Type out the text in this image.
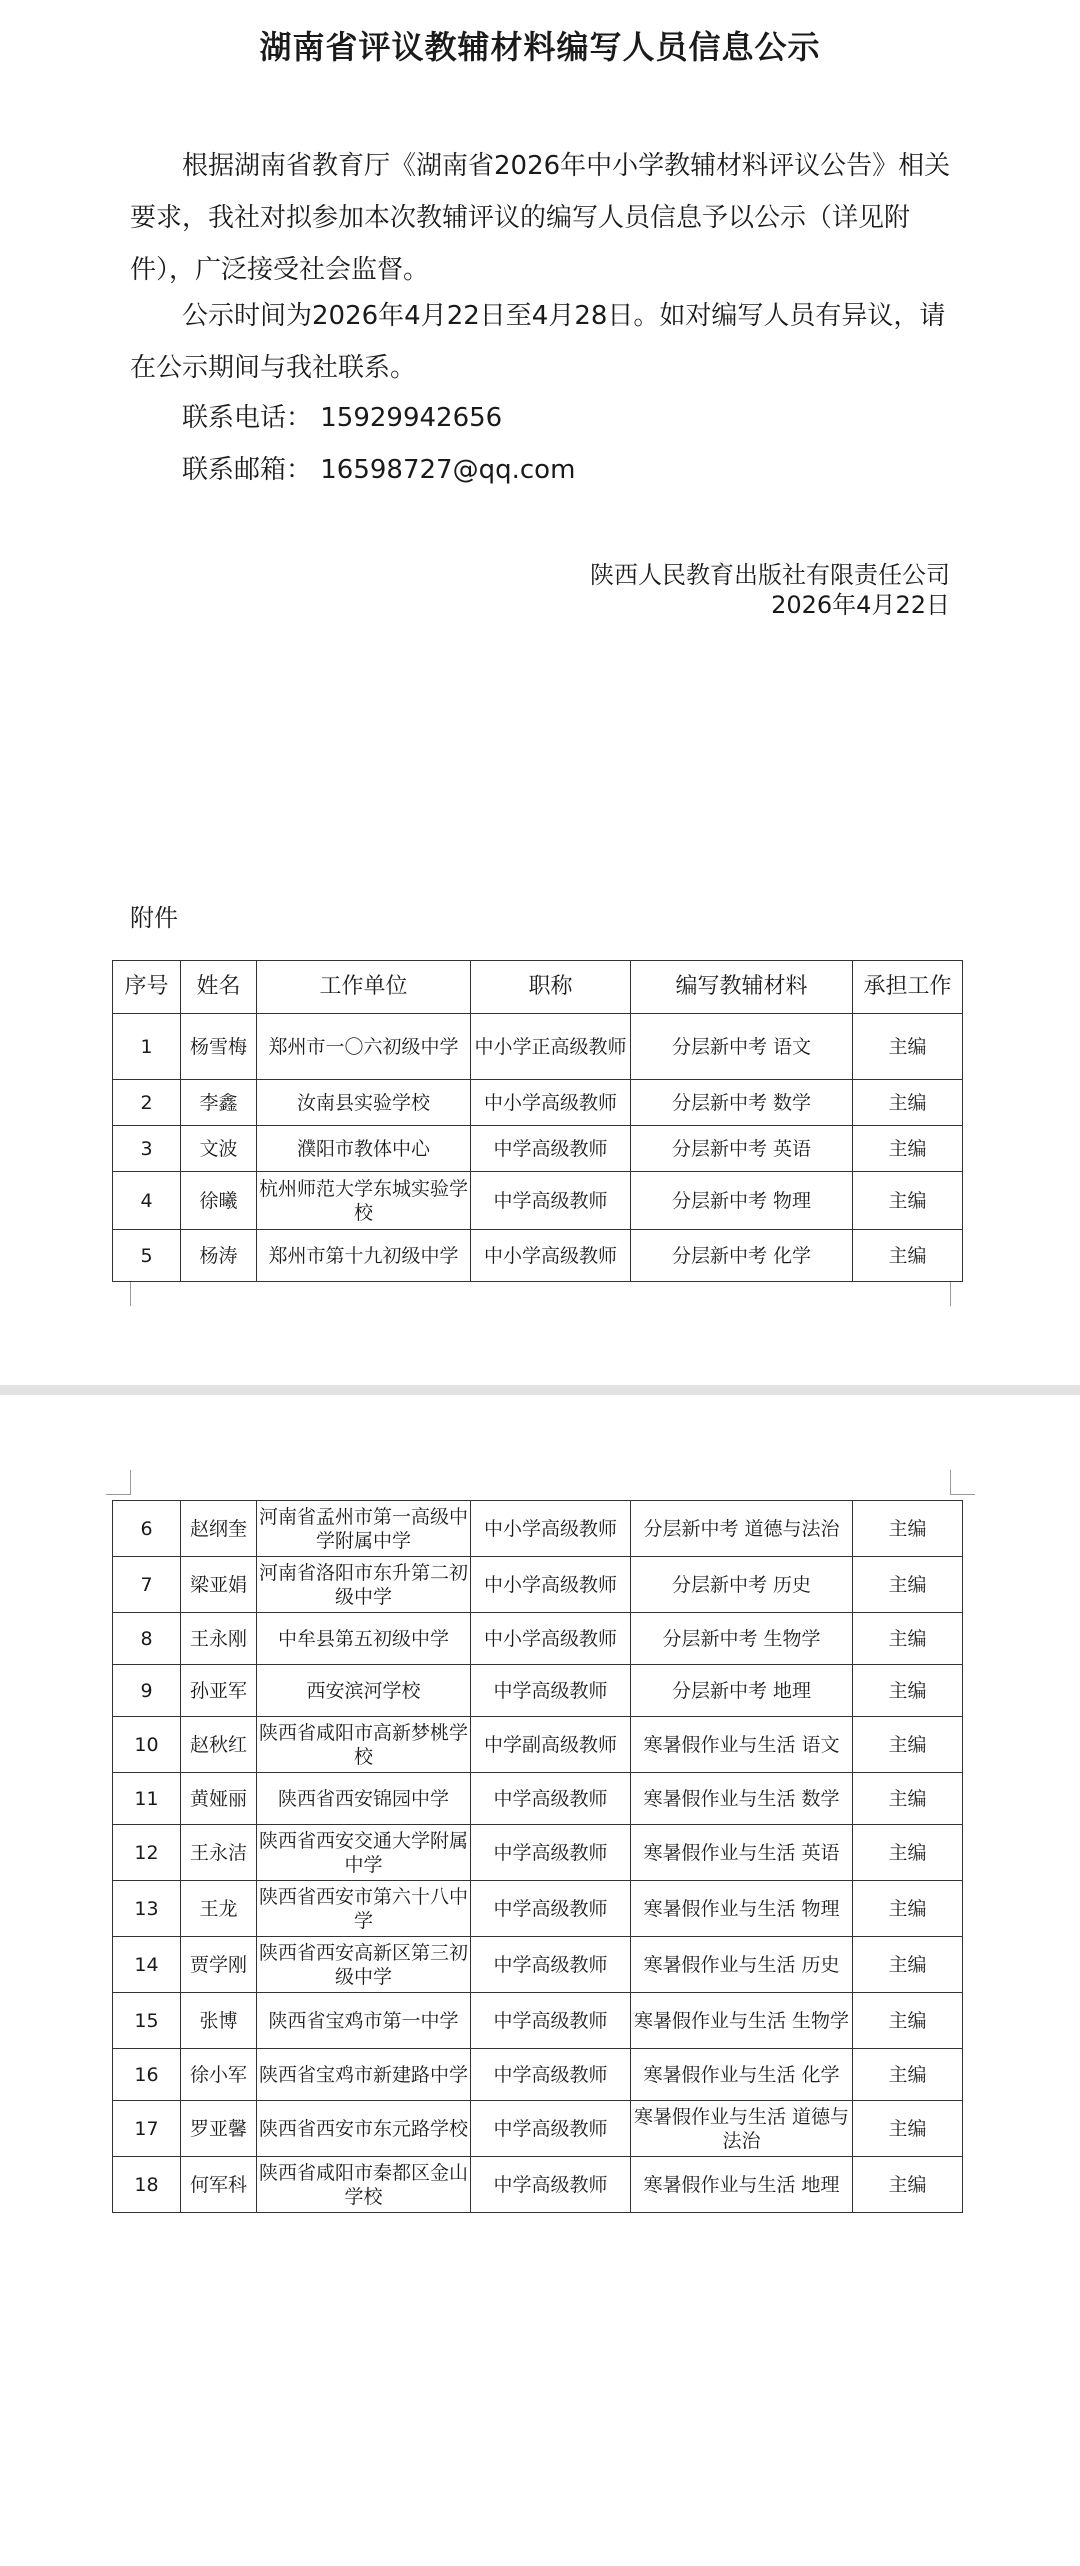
湖南省评议教辅材料编写人员信息公示

根据湖南省教育厅《湖南省2026年中小学教辅材料评议公告》相关要求，我社对拟参加本次教辅评议的编写人员信息予以公示（详见附件），广泛接受社会监督。

公示时间为2026年4月22日至4月28日。如对编写人员有异议，请在公示期间与我社联系。

联系电话： 15929942656

联系邮箱： 16598727@qq.com

陕西人民教育出版社有限责任公司
2026年4月22日
附件
序号	姓名	工作单位	职称	编写教辅材料	承担工作
1	杨雪梅	郑州市一〇六初级中学	中小学正高级教师	分层新中考 语文	主编
2	李鑫	汝南县实验学校	中小学高级教师	分层新中考 数学	主编
3	文波	濮阳市教体中心	中学高级教师	分层新中考 英语	主编
4	徐曦	杭州师范大学东城实验学校	中学高级教师	分层新中考 物理	主编
5	杨涛	郑州市第十九初级中学	中小学高级教师	分层新中考 化学	主编
6	赵纲奎	河南省孟州市第一高级中学附属中学	中小学高级教师	分层新中考 道德与法治	主编
7	梁亚娟	河南省洛阳市东升第二初级中学	中小学高级教师	分层新中考 历史	主编
8	王永刚	中牟县第五初级中学	中小学高级教师	分层新中考 生物学	主编
9	孙亚军	西安滨河学校	中学高级教师	分层新中考 地理	主编
10	赵秋红	陕西省咸阳市高新梦桃学校	中学副高级教师	寒暑假作业与生活 语文	主编
11	黄娅丽	陕西省西安锦园中学	中学高级教师	寒暑假作业与生活 数学	主编
12	王永洁	陕西省西安交通大学附属中学	中学高级教师	寒暑假作业与生活 英语	主编
13	王龙	陕西省西安市第六十八中学	中学高级教师	寒暑假作业与生活 物理	主编
14	贾学刚	陕西省西安高新区第三初级中学	中学高级教师	寒暑假作业与生活 历史	主编
15	张博	陕西省宝鸡市第一中学	中学高级教师	寒暑假作业与生活 生物学	主编
16	徐小军	陕西省宝鸡市新建路中学	中学高级教师	寒暑假作业与生活 化学	主编
17	罗亚馨	陕西省西安市东元路学校	中学高级教师	寒暑假作业与生活 道德与法治	主编
18	何军科	陕西省咸阳市秦都区金山学校	中学高级教师	寒暑假作业与生活 地理	主编
